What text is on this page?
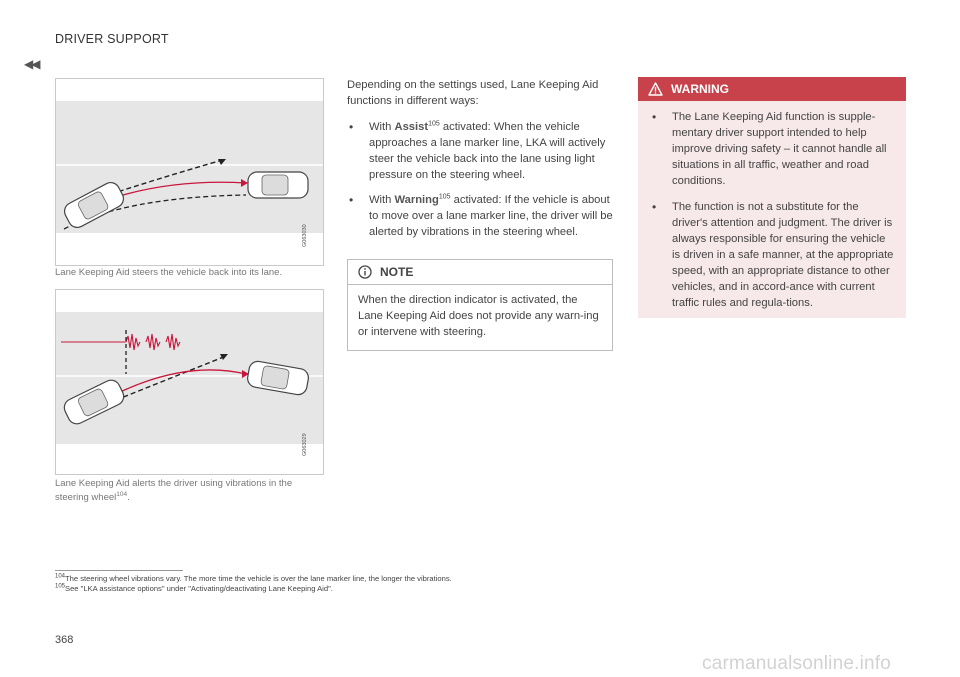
DRIVER SUPPORT
◀◀
G063030
Lane Keeping Aid steers the vehicle back into its lane.
G063029
Lane Keeping Aid alerts the driver using vibrations in the steering wheel$^{104}$.

Depending on the settings used, Lane Keeping Aid functions in different ways:

• With Assist$^{105}$ activated: When the vehicle approaches a lane marker line, LKA will actively steer the vehicle back into the lane using light pressure on the steering wheel.
• With Warning$^{105}$ activated: If the vehicle is about to move over a lane marker line, the driver will be alerted by vibrations in the steering wheel.
NOTE
When the direction indicator is activated, the Lane Keeping Aid does not provide any warn-ing or intervene with steering.
WARNING
• The Lane Keeping Aid function is supple-mentary driver support intended to help improve driving safety – it cannot handle all situations in all traffic, weather and road conditions.
• The function is not a substitute for the driver's attention and judgment. The driver is always responsible for ensuring the vehicle is driven in a safe manner, at the appropriate speed, with an appropriate distance to other vehicles, and in accord-ance with current traffic rules and regula-tions.
$^{104}$The steering wheel vibrations vary. The more time the vehicle is over the lane marker line, the longer the vibrations.
$^{105}$See "LKA assistance options" under "Activating/deactivating Lane Keeping Aid".
368
carmanualsonline.info
